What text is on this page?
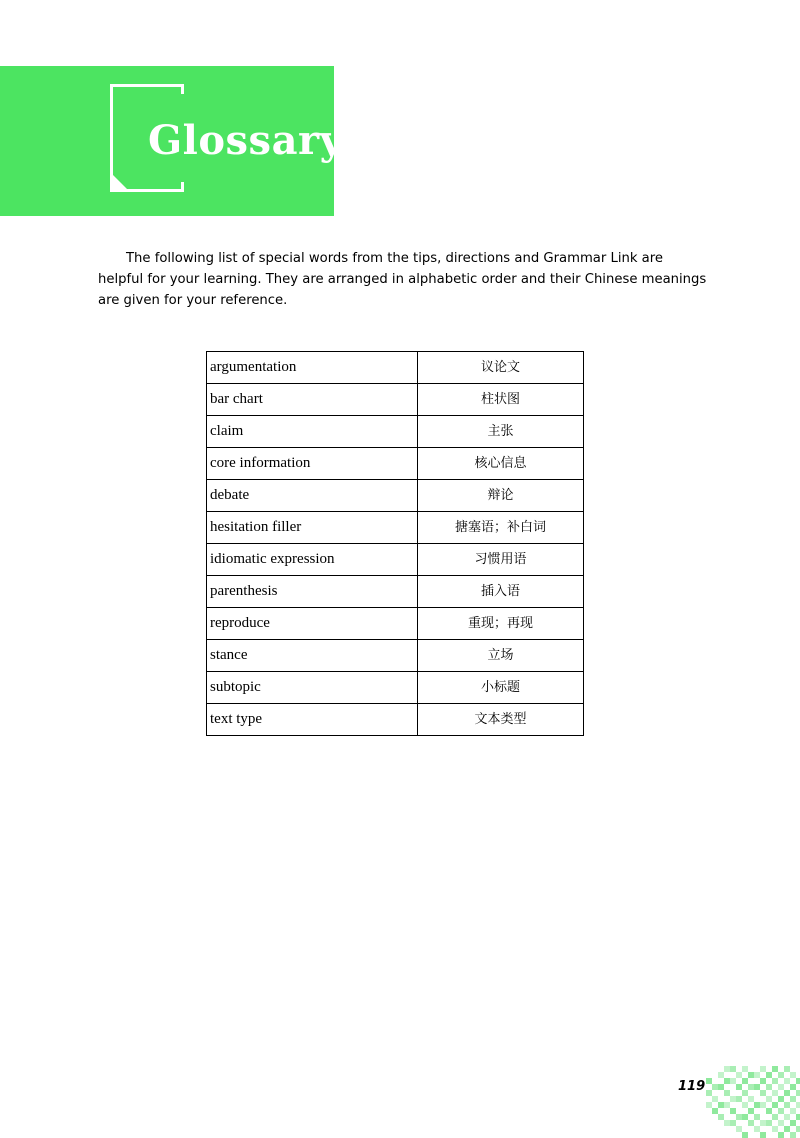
Glossary

The following list of special words from the tips, directions and Grammar Link are helpful for your learning. They are arranged in alphabetic order and their Chinese meanings are given for your reference.

argumentation	议论文
bar chart	柱状图
claim	主张
core information	核心信息
debate	辩论
hesitation filler	搪塞语；补白词
idiomatic expression	习惯用语
parenthesis	插入语
reproduce	重现；再现
stance	立场
subtopic	小标题
text type	文本类型
119
